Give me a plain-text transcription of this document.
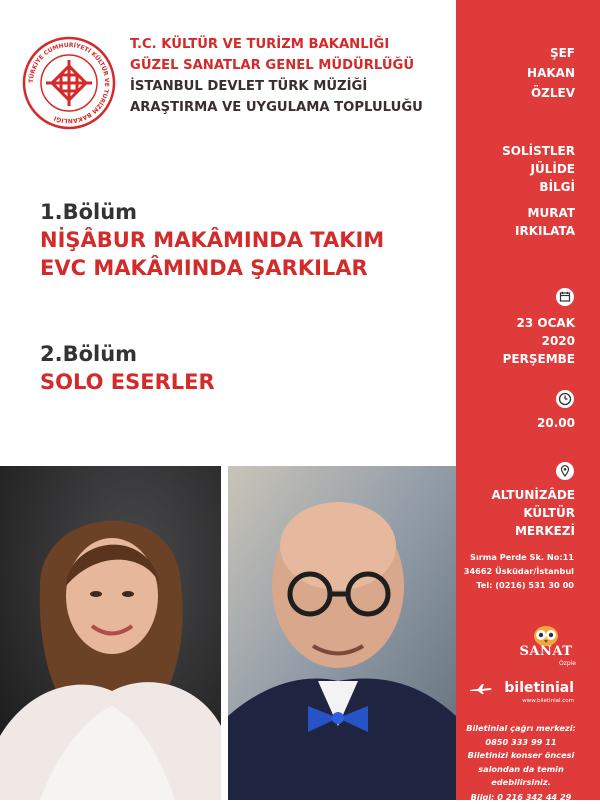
TÜRKİYE CUMHURİYETİ KÜLTÜR VE TURİZM BAKANLIĞI
T.C. KÜLTÜR VE TURİZM BAKANLIĞI
GÜZEL SANATLAR GENEL MÜDÜRLÜĞÜ
İSTANBUL DEVLET TÜRK MÜZİĞİ
ARAŞTIRMA VE UYGULAMA TOPLULUĞU
1.Bölüm
NİŞÂBUR MAKÂMINDA TAKIM
EVC MAKÂMINDA ŞARKILAR
2.Bölüm
SOLO ESERLER
ŞEF
HAKAN
ÖZLEV
SOLİSTLER
JÜLİDE
BİLGİ
MURAT
IRKILATA
23 OCAK
2020
PERŞEMBE
20.00
ALTUNİZÂDE
KÜLTÜR
MERKEZİ
Sırma Perde Sk. No:11
34662 Üsküdar/İstanbul
Tel: (0216) 531 30 00
SANAT
Ozpie
biletinial
www.biletinial.com
Biletinial çağrı merkezi:
0850 333 99 11
Biletinizi konser öncesi
salondan da temin edebilirsiniz.
Bilgi: 0 216 342 44 29
